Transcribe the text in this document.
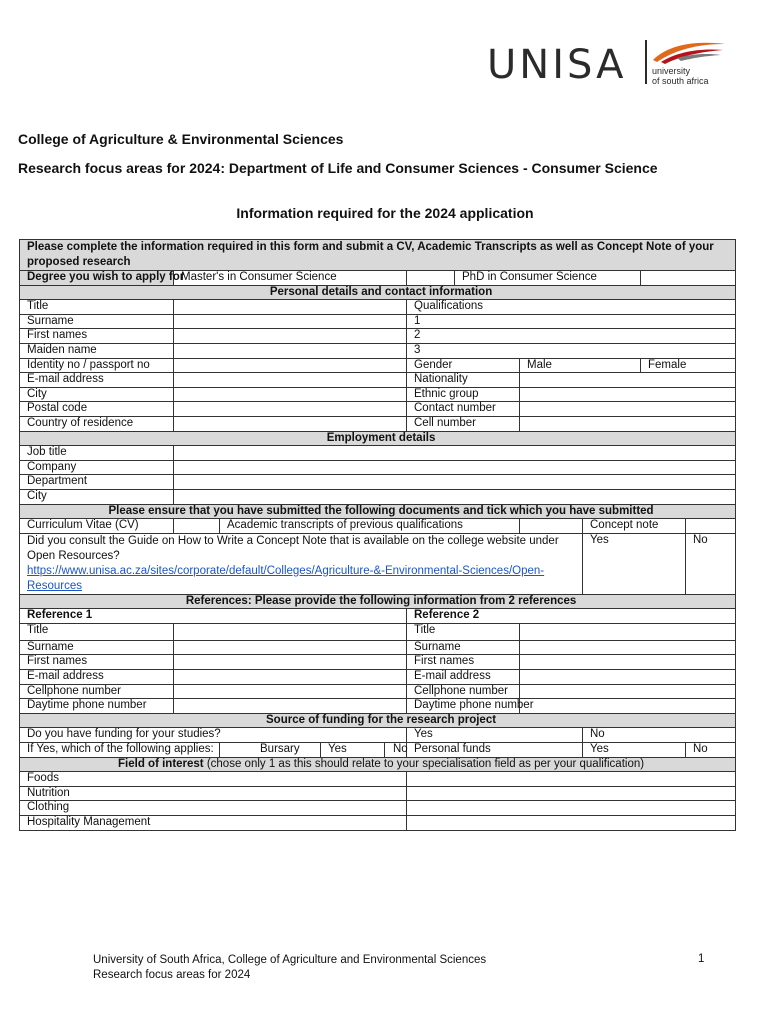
UNISA	university
of south africa
College of Agriculture & Environmental Sciences
Research focus areas for 2024: Department of Life and Consumer Sciences - Consumer Science
Information required for the 2024 application
Please complete the information required in this form and submit a CV, Academic Transcripts as well as Concept Note of your proposed research
Degree you wish to apply for	Master's in Consumer Science		PhD in Consumer Science	
Personal details and contact information
Title		Qualifications
Surname		1
First names		2
Maiden name		3
Identity no / passport no		Gender	Male	Female
E-mail address		Nationality	
City		Ethnic group	
Postal code		Contact number	
Country of residence		Cell number	
Employment details
Job title	
Company	
Department	
City	
Please ensure that you have submitted the following documents and tick which you have submitted
Curriculum Vitae (CV)		Academic transcripts of previous qualifications		Concept note	
Did you consult the Guide on How to Write a Concept Note that is available on the college website under Open Resources?
https://www.unisa.ac.za/sites/corporate/default/Colleges/Agriculture-&-Environmental-Sciences/Open-Resources	Yes	No
References: Please provide the following information from 2 references
Reference 1	Reference 2
Title		Title	
Surname		Surname	
First names		First names	
E-mail address		E-mail address	
Cellphone number		Cellphone number	
Daytime phone number		Daytime phone number	
Source of funding for the research project
Do you have funding for your studies?	Yes	No
If Yes, which of the following applies:		Bursary	Yes	No
	Personal funds	Yes	No
Field of interest (chose only 1 as this should relate to your specialisation field as per your qualification)
Foods	
Nutrition	
Clothing	
Hospitality Management	
University of South Africa, College of Agriculture and Environmental Sciences
Research focus areas for 2024
1
